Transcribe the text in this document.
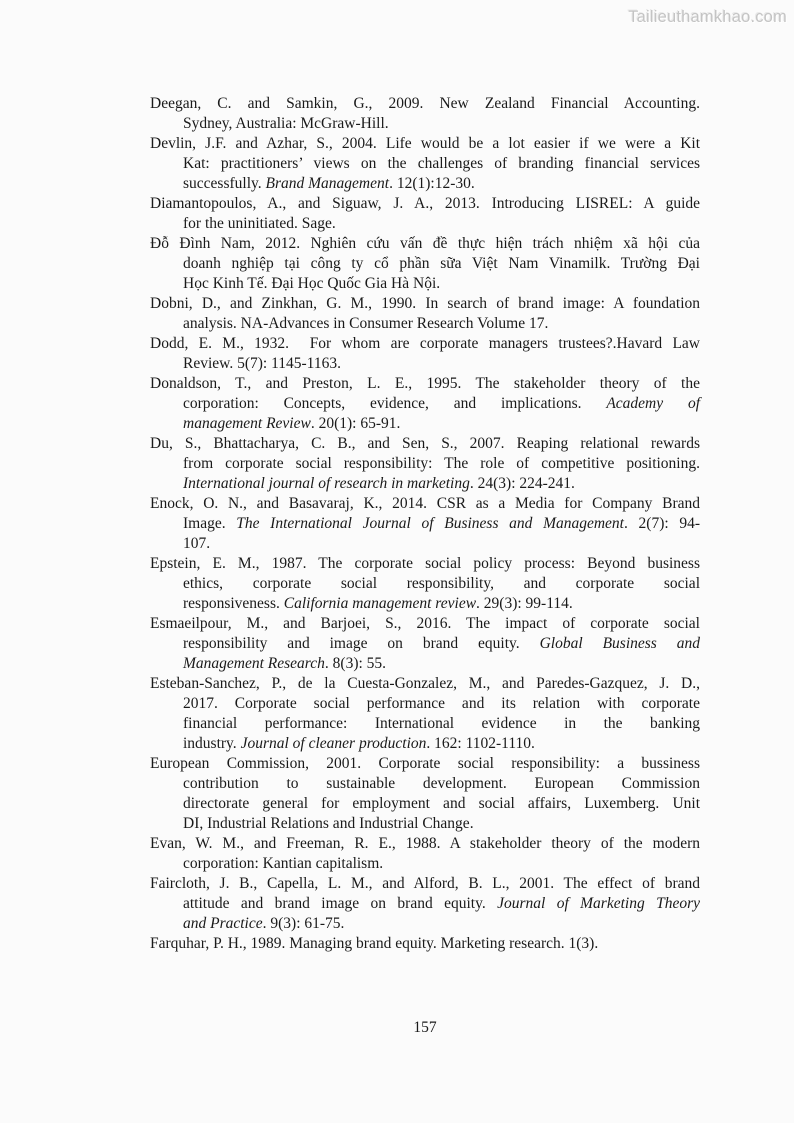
Tailieuthamkhao.com

Deegan, C. and Samkin, G., 2009. New Zealand Financial Accounting.
Sydney, Australia: McGraw-Hill.

Devlin, J.F. and Azhar, S., 2004. Life would be a lot easier if we were a Kit
Kat: practitioners’ views on the challenges of branding financial services
successfully. Brand Management. 12(1):12-30.

Diamantopoulos, A., and Siguaw, J. A., 2013. Introducing LISREL: A guide
for the uninitiated. Sage.

Đỗ Đình Nam, 2012. Nghiên cứu vấn đề thực hiện trách nhiệm xã hội của
doanh nghiệp tại công ty cổ phần sữa Việt Nam Vinamilk. Trường Đại
Học Kinh Tế. Đại Học Quốc Gia Hà Nội.

Dobni, D., and Zinkhan, G. M., 1990. In search of brand image: A foundation
analysis. NA-Advances in Consumer Research Volume 17.

Dodd, E. M., 1932.  For whom are corporate managers trustees?.Havard Law
Review. 5(7): 1145-1163.

Donaldson, T., and Preston, L. E., 1995. The stakeholder theory of the
corporation: Concepts, evidence, and implications. Academy of
management Review. 20(1): 65-91.

Du, S., Bhattacharya, C. B., and Sen, S., 2007. Reaping relational rewards
from corporate social responsibility: The role of competitive positioning.
International journal of research in marketing. 24(3): 224-241.

Enock, O. N., and Basavaraj, K., 2014. CSR as a Media for Company Brand
Image. The International Journal of Business and Management. 2(7): 94-
107.

Epstein, E. M., 1987. The corporate social policy process: Beyond business
ethics, corporate social responsibility, and corporate social
responsiveness. California management review. 29(3): 99-114.

Esmaeilpour, M., and Barjoei, S., 2016. The impact of corporate social
responsibility and image on brand equity. Global Business and
Management Research. 8(3): 55.

Esteban-Sanchez, P., de la Cuesta-Gonzalez, M., and Paredes-Gazquez, J. D.,
2017. Corporate social performance and its relation with corporate
financial performance: International evidence in the banking
industry. Journal of cleaner production. 162: 1102-1110.

European Commission, 2001. Corporate social responsibility: a bussiness
contribution to sustainable development. European Commission
directorate general for employment and social affairs, Luxemberg. Unit
DI, Industrial Relations and Industrial Change.

Evan, W. M., and Freeman, R. E., 1988. A stakeholder theory of the modern
corporation: Kantian capitalism.

Faircloth, J. B., Capella, L. M., and Alford, B. L., 2001. The effect of brand
attitude and brand image on brand equity. Journal of Marketing Theory
and Practice. 9(3): 61-75.

Farquhar, P. H., 1989. Managing brand equity. Marketing research. 1(3).

157
